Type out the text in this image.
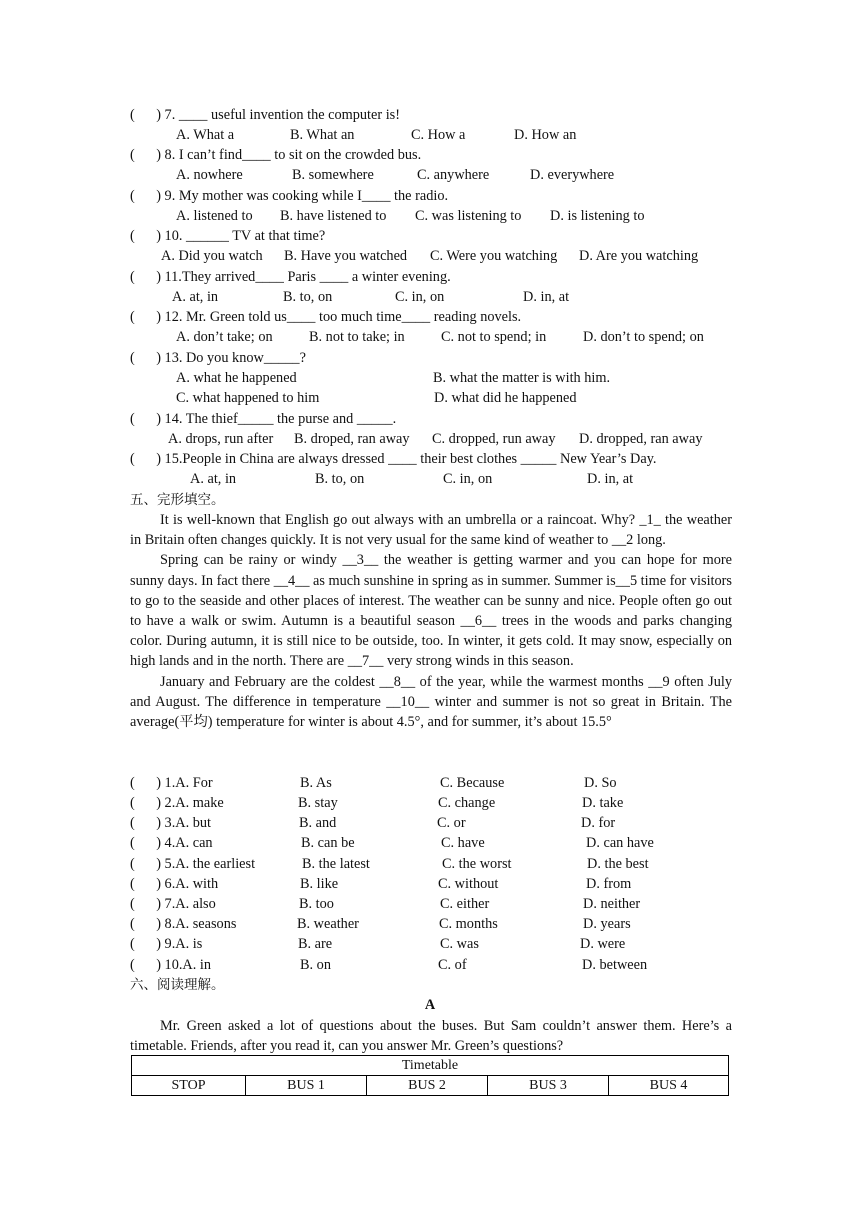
(      ) 7. ____ useful invention the computer is!
A. What a	B. What an	C. How a	D. How an
(      ) 8. I can’t find____ to sit on the crowded bus.
A. nowhere	B. somewhere	C. anywhere	D. everywhere
(      ) 9. My mother was cooking while I____ the radio.
A. listened to B. have listened to C. was listening to D. is listening to
(      ) 10. ______ TV at that time?
A. Did you watch B. Have you watched C. Were you watching D. Are you watching
(      ) 11.They arrived____ Paris ____ a winter evening.
A. at, in	B. to, on	C. in, on	D. in, at
(      ) 12. Mr. Green told us____ too much time____ reading novels.
A. don’t take; on	B. not to take; in	C. not to spend; in	D. don’t to spend; on
(      ) 13. Do you know_____?
A. what he happened	B. what the matter is with him.
C. what happened to him	D. what did he happened
(      ) 14. The thief_____ the purse and _____.
A. drops, run after B. droped, ran away C. dropped, run away D. dropped, ran away
(      ) 15.People in China are always dressed ____ their best clothes _____ New Year’s Day.
A. at, in	B. to, on	C. in, on	D. in, at
五、完形填空。

It is well-known that English go out always with an umbrella or a raincoat. Why? _1_ the weather in Britain often changes quickly. It is not very usual for the same kind of weather to __2 long.

Spring can be rainy or windy __3__ the weather is getting warmer and you can hope for more sunny days. In fact there __4__ as much sunshine in spring as in summer. Summer is__5 time for visitors to go to the seaside and other places of interest. The weather can be sunny and nice. People often go out to have a walk or swim. Autumn is a beautiful season __6__ trees in the woods and parks changing color. During autumn, it is still nice to be outside, too. In winter, it gets cold. It may snow, especially on high lands and in the north. There are __7__ very strong winds in this season.

January and February are the coldest __8__ of the year, while the warmest months __9 often July and August. The difference in temperature __10__ winter and summer is not so great in Britain. The average(平均) temperature for winter is about 4.5°, and for summer, it’s about 15.5°

(      ) 1.A. For	B. As	C. Because	D. So
(      ) 2.A. make	B. stay	C. change	D. take
(      ) 3.A. but	B. and	C. or	D. for
(      ) 4.A. can	B. can be	C. have	D. can have
(      ) 5.A. the earliest	B. the latest	C. the worst	D. the best
(      ) 6.A. with	B. like	C. without	D. from
(      ) 7.A. also	B. too	C. either	D. neither
(      ) 8.A. seasons	B. weather	C. months	D. years
(      ) 9.A. is	B. are	C. was	D. were
(      ) 10.A. in	B. on	C. of	D. between
六、阅读理解。
A

Mr. Green asked a lot of questions about the buses. But Sam couldn’t answer them. Here’s a timetable. Friends, after you read it, can you answer Mr. Green’s questions?

Timetable
STOP	BUS 1	BUS 2	BUS 3	BUS 4
